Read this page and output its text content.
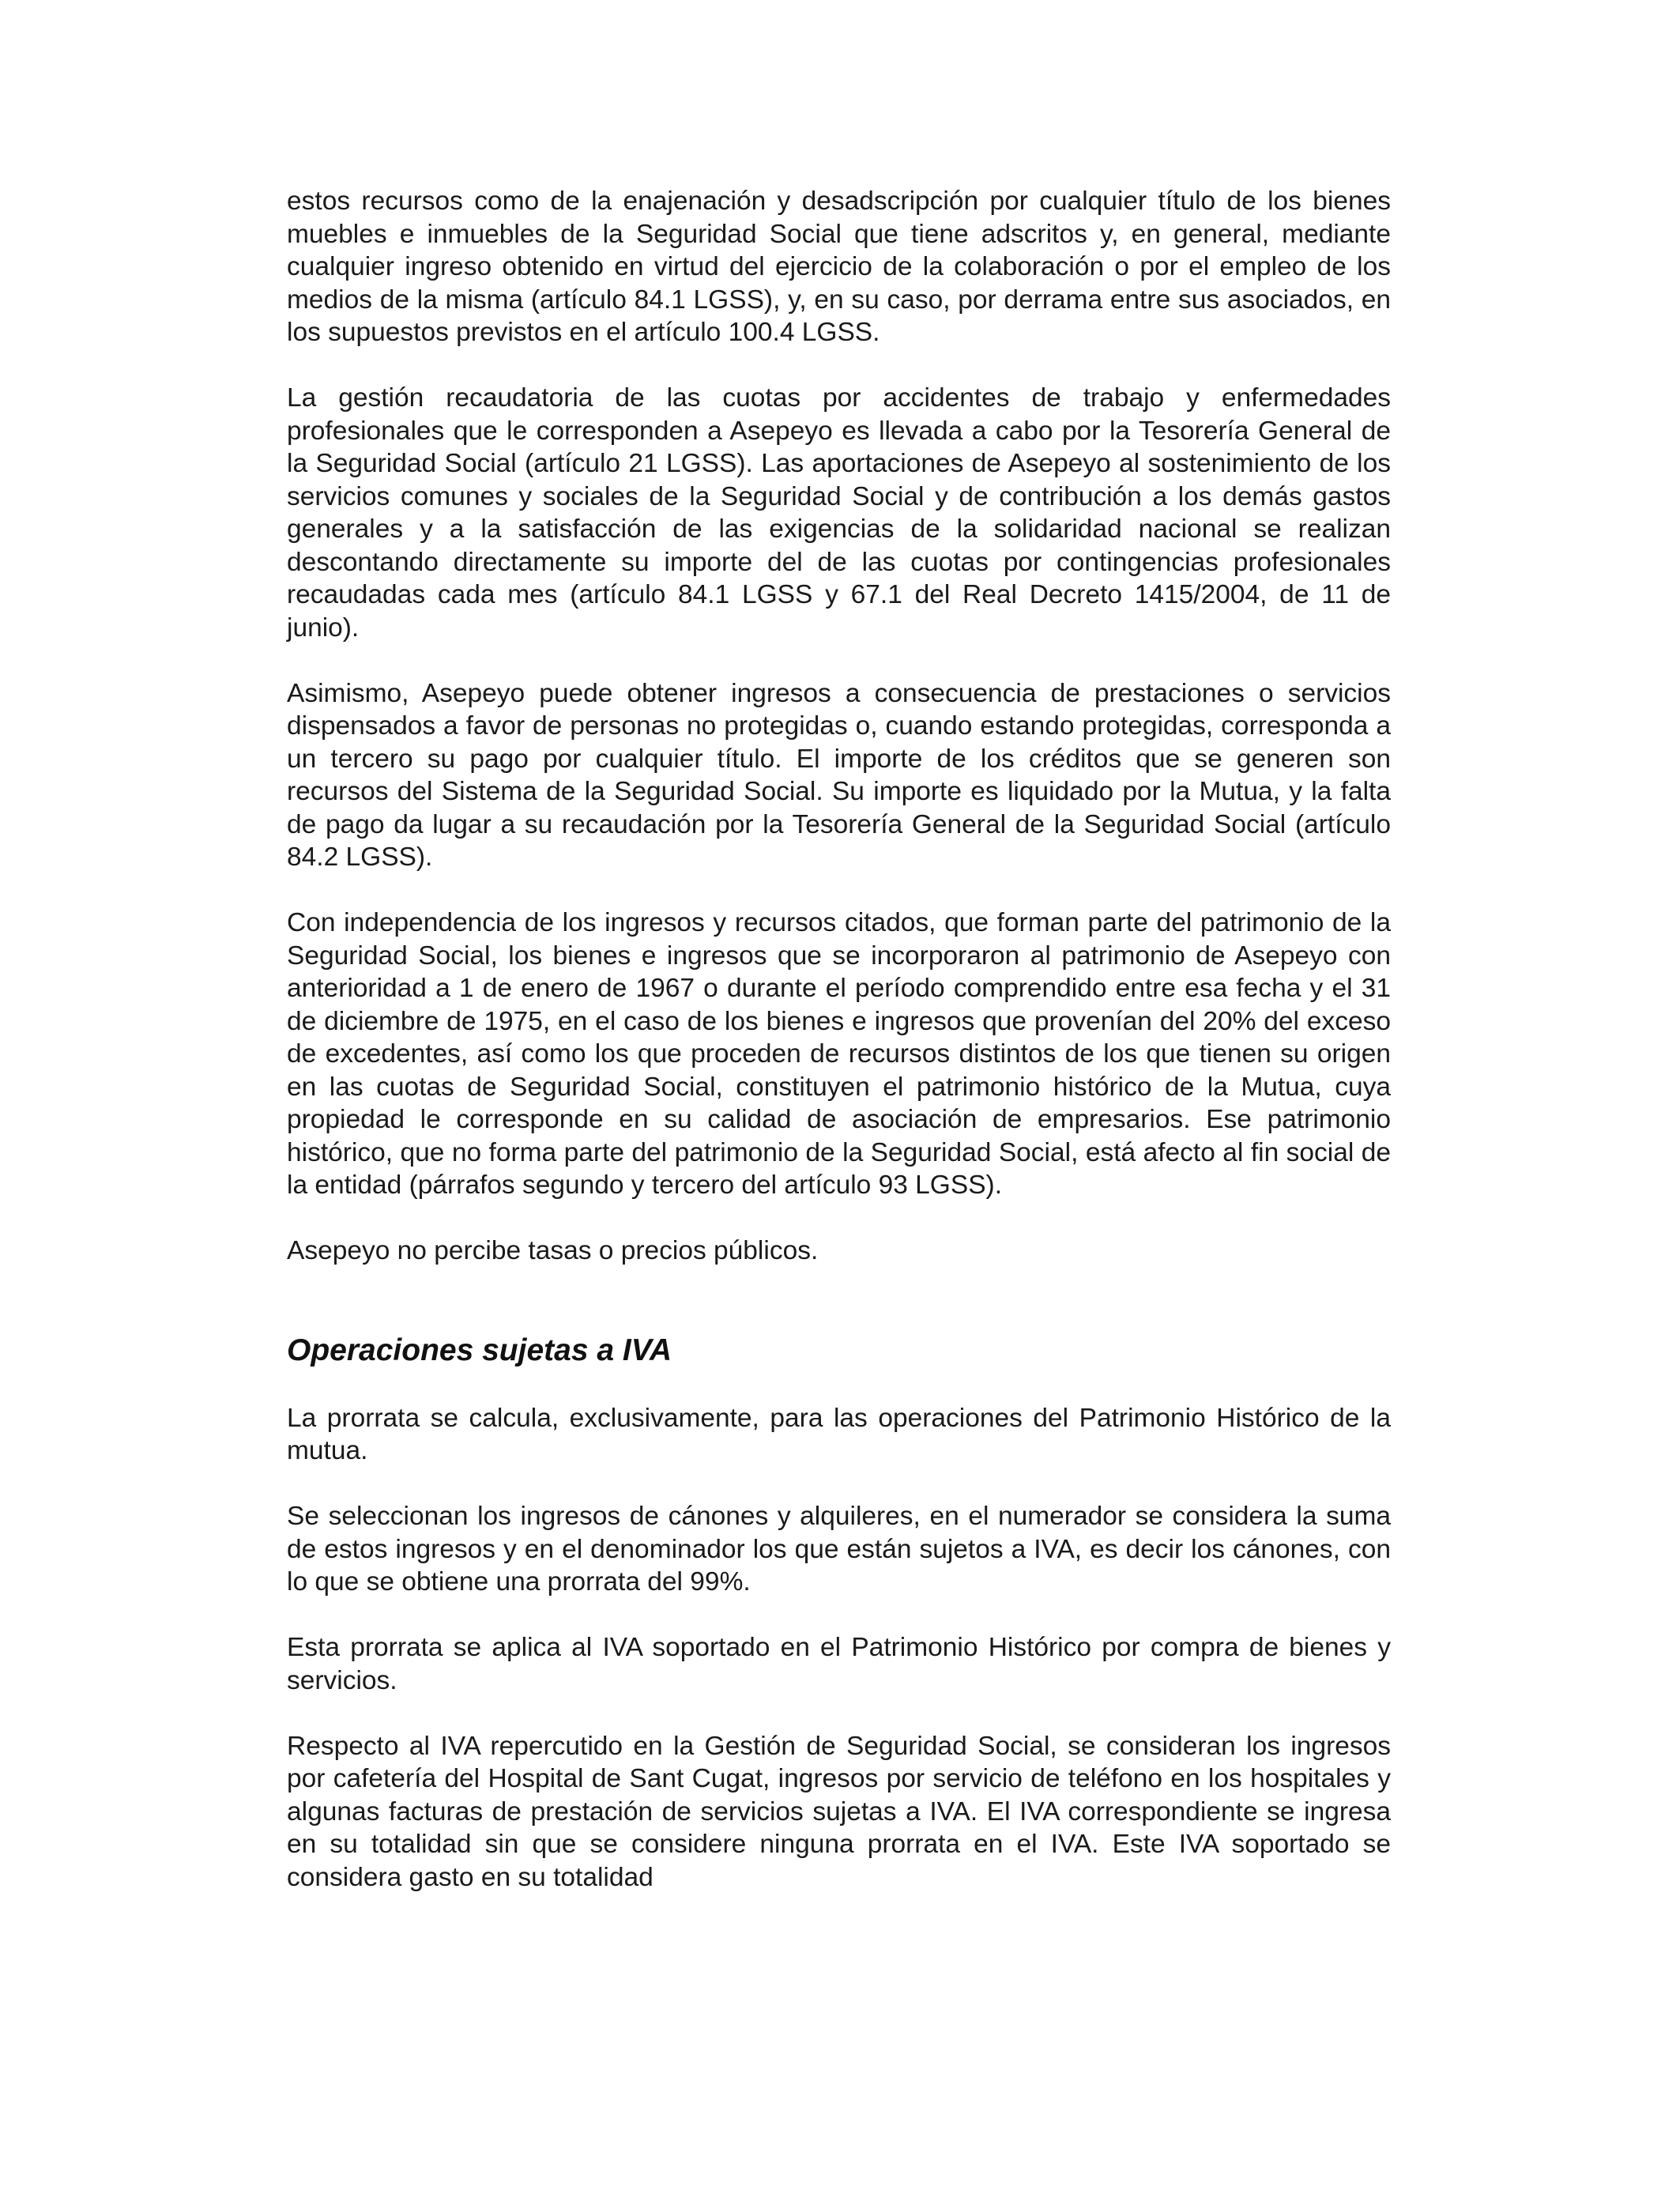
estos recursos como de la enajenación y desadscripción por cualquier título de los bienes muebles e inmuebles de la Seguridad Social que tiene adscritos y, en general, mediante cualquier ingreso obtenido en virtud del ejercicio de la colaboración o por el empleo de los medios de la misma (artículo 84.1 LGSS), y, en su caso, por derrama entre sus asociados, en los supuestos previstos en el artículo 100.4 LGSS.

La gestión recaudatoria de las cuotas por accidentes de trabajo y enfermedades profesionales que le corresponden a Asepeyo es llevada a cabo por la Tesorería General de la Seguridad Social (artículo 21 LGSS). Las aportaciones de Asepeyo al sostenimiento de los servicios comunes y sociales de la Seguridad Social y de contribución a los demás gastos generales y a la satisfacción de las exigencias de la solidaridad nacional se realizan descontando directamente su importe del de las cuotas por contingencias profesionales recaudadas cada mes (artículo 84.1 LGSS y 67.1 del Real Decreto 1415/2004, de 11 de junio).

Asimismo, Asepeyo puede obtener ingresos a consecuencia de prestaciones o servicios dispensados a favor de personas no protegidas o, cuando estando protegidas, corresponda a un tercero su pago por cualquier título. El importe de los créditos que se generen son recursos del Sistema de la Seguridad Social. Su importe es liquidado por la Mutua, y la falta de pago da lugar a su recaudación por la Tesorería General de la Seguridad Social (artículo 84.2 LGSS).

Con independencia de los ingresos y recursos citados, que forman parte del patrimonio de la Seguridad Social, los bienes e ingresos que se incorporaron al patrimonio de Asepeyo con anterioridad a 1 de enero de 1967 o durante el período comprendido entre esa fecha y el 31 de diciembre de 1975, en el caso de los bienes e ingresos que provenían del 20% del exceso de excedentes, así como los que proceden de recursos distintos de los que tienen su origen en las cuotas de Seguridad Social, constituyen el patrimonio histórico de la Mutua, cuya propiedad le corresponde en su calidad de asociación de empresarios. Ese patrimonio histórico, que no forma parte del patrimonio de la Seguridad Social, está afecto al fin social de la entidad (párrafos segundo y tercero del artículo 93 LGSS).

Asepeyo no percibe tasas o precios públicos.

Operaciones sujetas a IVA

La prorrata se calcula, exclusivamente, para las operaciones del Patrimonio Histórico de la mutua.

Se seleccionan los ingresos de cánones y alquileres, en el numerador se considera la suma de estos ingresos y en el denominador los que están sujetos a IVA, es decir los cánones, con lo que se obtiene una prorrata del 99%.

Esta prorrata se aplica al IVA soportado en el Patrimonio Histórico por compra de bienes y servicios.

Respecto al IVA repercutido en la Gestión de Seguridad Social, se consideran los ingresos por cafetería del Hospital de Sant Cugat, ingresos por servicio de teléfono en los hospitales y algunas facturas de prestación de servicios sujetas a IVA. El IVA correspondiente se ingresa en su totalidad sin que se considere ninguna prorrata en el IVA. Este IVA soportado se considera gasto en su totalidad
